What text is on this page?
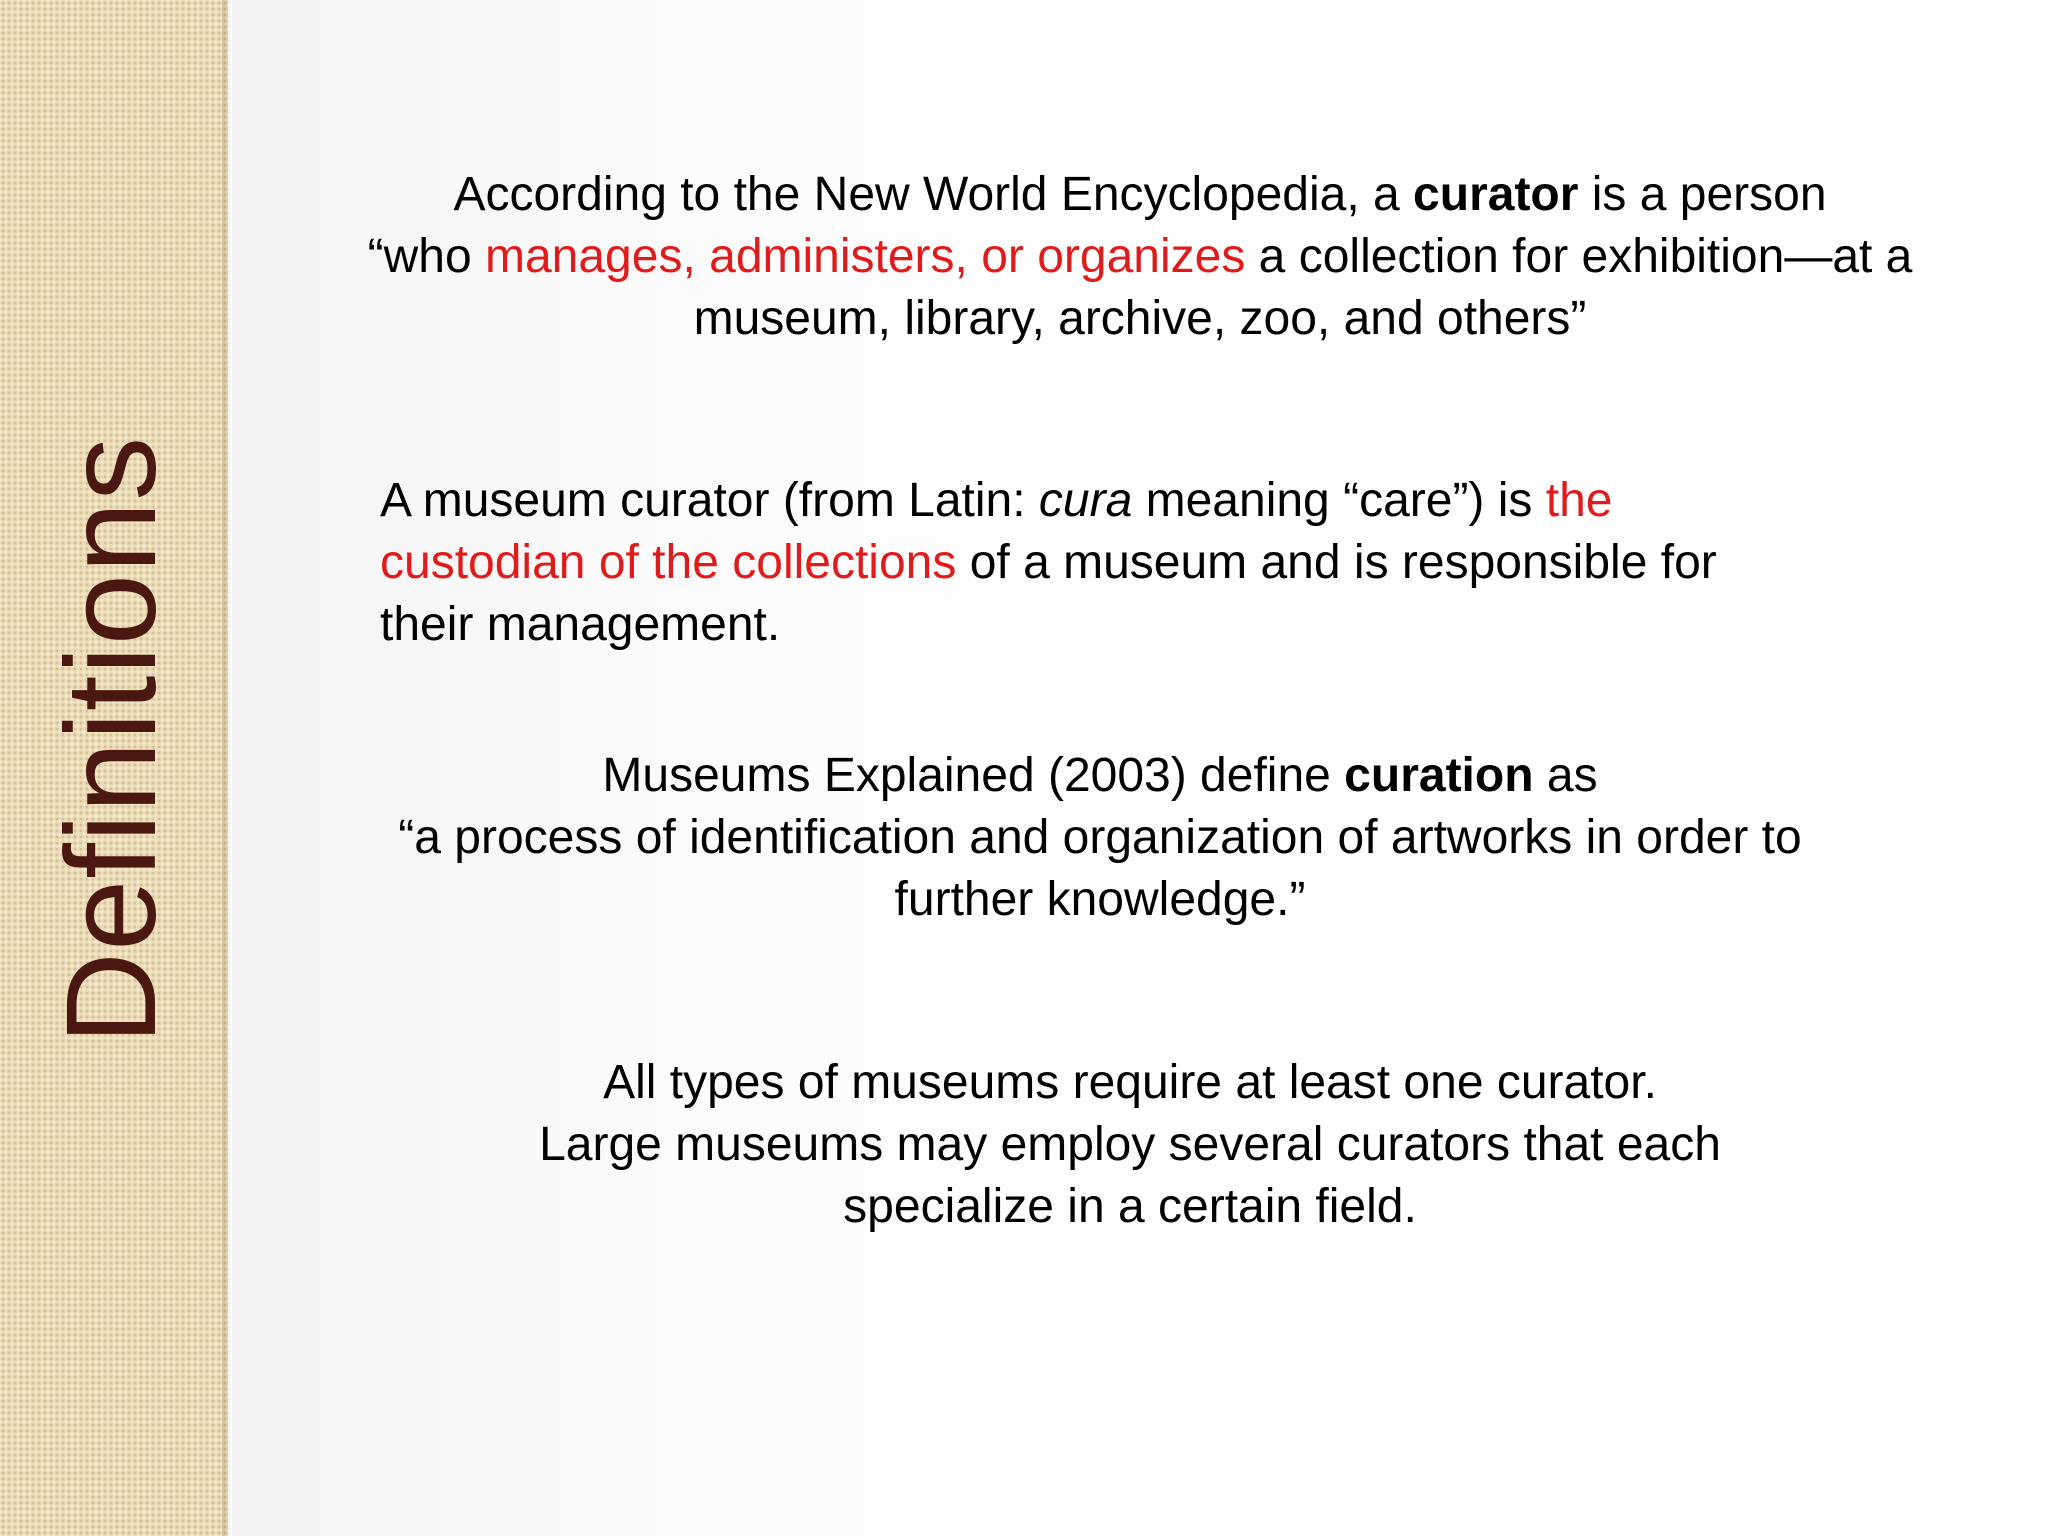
Definitions
According to the New World Encyclopedia, a curator is a person
“who manages, administers, or organizes a collection for exhibition—at a
museum, library, archive, zoo, and others”
A museum curator (from Latin: cura meaning “care”) is the
custodian of the collections of a museum and is responsible for
their management.
Museums Explained (2003) define curation as
“a process of identification and organization of artworks in order to
further knowledge.”
All types of museums require at least one curator.
Large museums may employ several curators that each
specialize in a certain field.
